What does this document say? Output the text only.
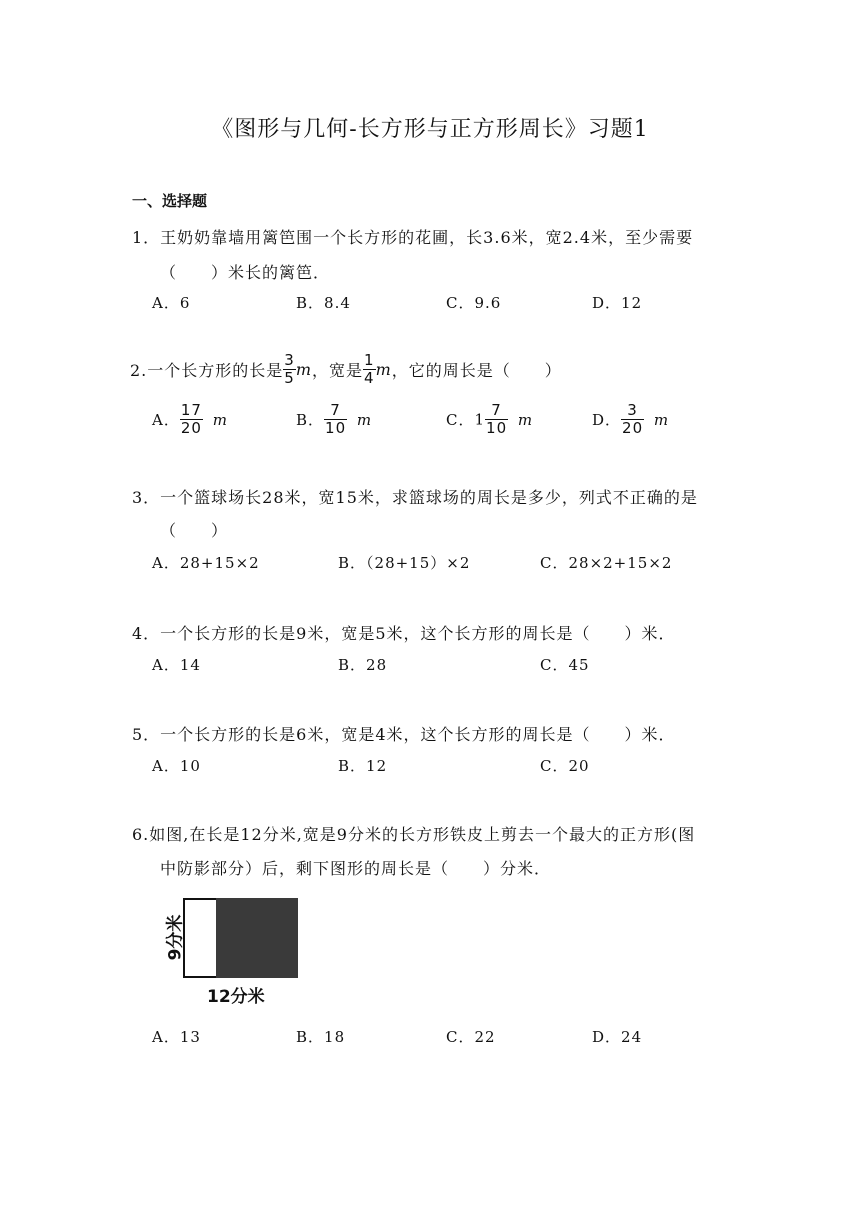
《图形与几何-长方形与正方形周长》习题1
一、选择题
1．王奶奶靠墙用篱笆围一个长方形的花圃，长3.6米，宽2.4米，至少需要
（　　）米长的篱笆．
A．6	B．8.4	C．9.6	D．12
2.一个长方形的长是 $\frac{3}{5}$ m，宽是 $\frac{1}{4}$ m，它的周长是（　　）
A． $\frac{17}{20}$ m	B． $\frac{7}{10}$ m	C．$1 \frac{7}{10}$ m	D． $\frac{3}{20}$ m
3．一个篮球场长28米，宽15米，求篮球场的周长是多少，列式不正确的是
（　　）
A．28+15×2	B．（28+15）×2	C．28×2+15×2
4．一个长方形的长是9米，宽是5米，这个长方形的周长是（　　）米．
A．14	B．28	C．45
5．一个长方形的长是6米，宽是4米，这个长方形的周长是（　　）米．
A．10	B．12	C．20
6.如图,在长是12分米,宽是9分米的长方形铁皮上剪去一个最大的正方形(图
中防影部分）后，剩下图形的周长是（　　）分米．
12分米
9分米
A．13	B．18	C．22	D．24
